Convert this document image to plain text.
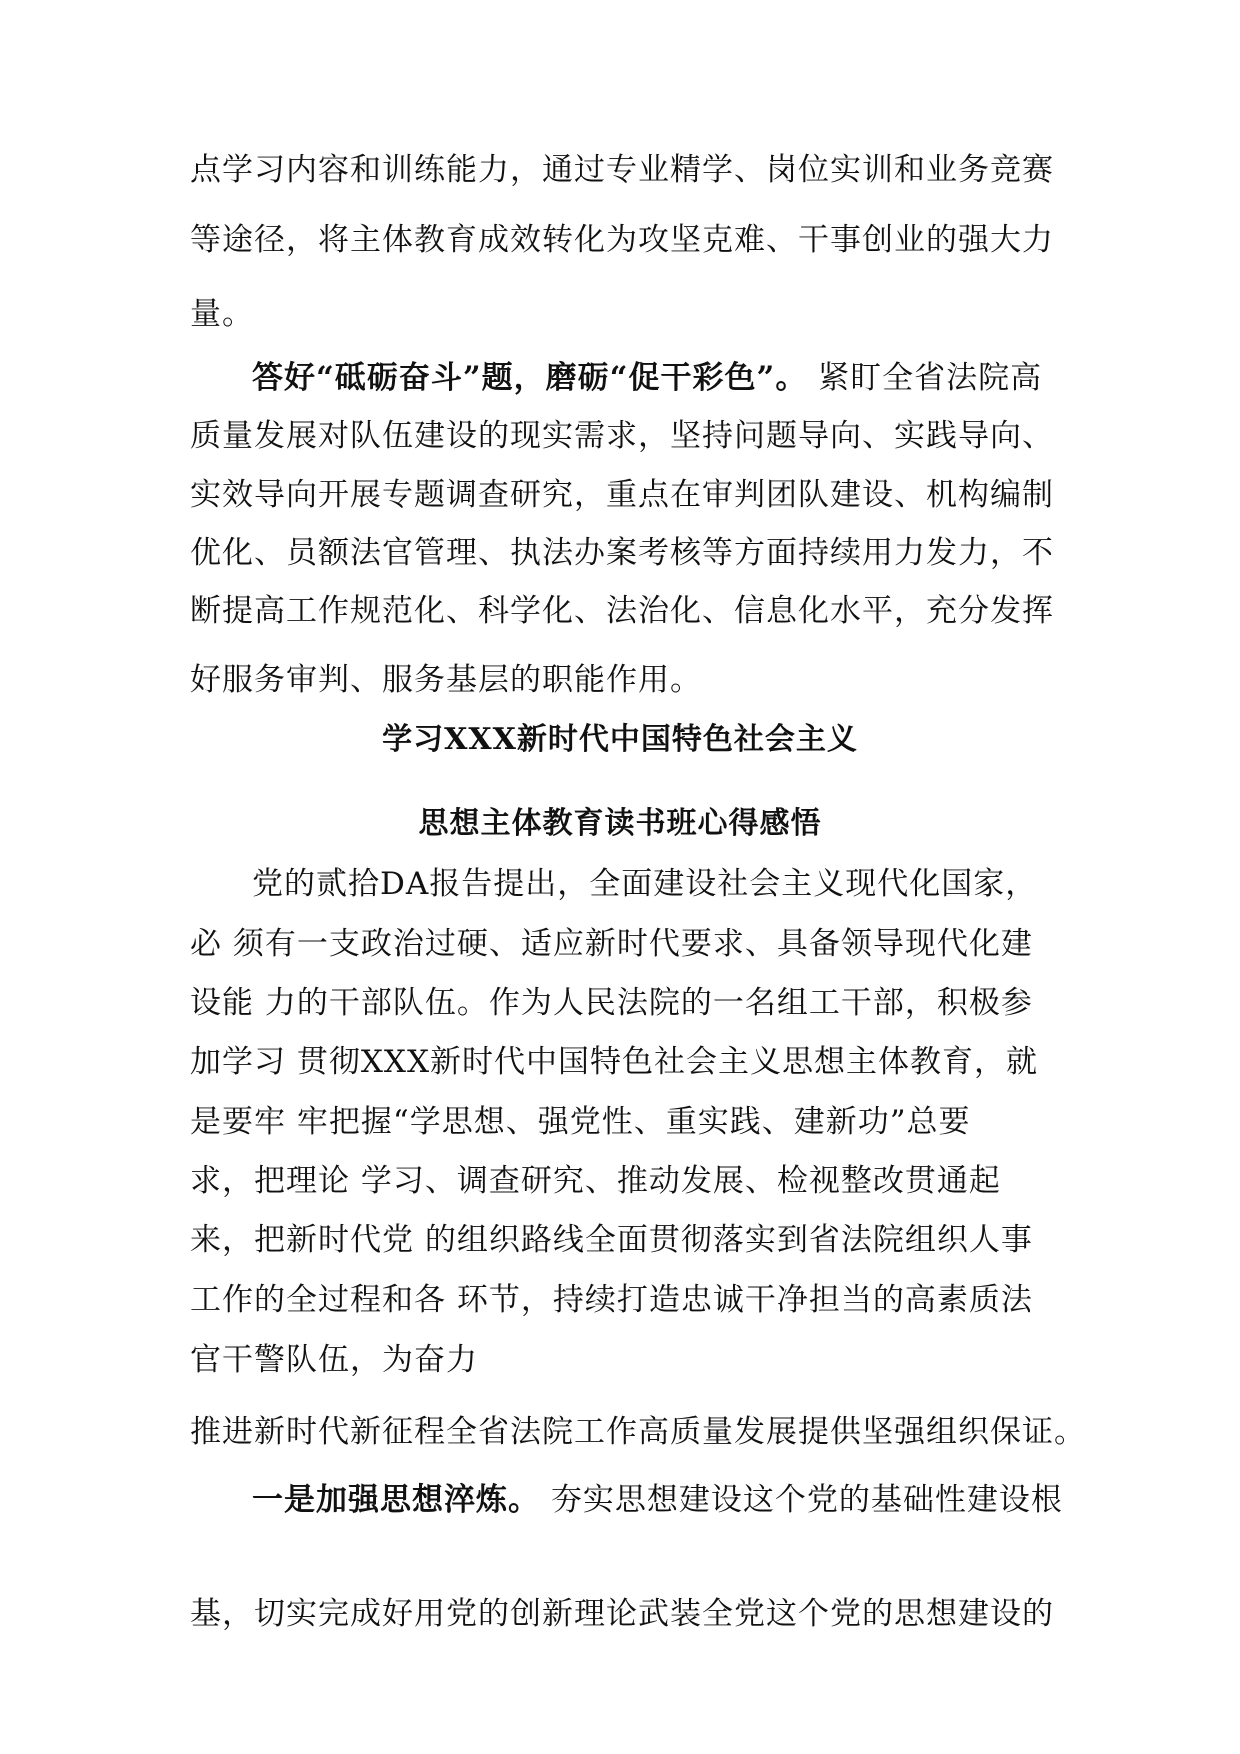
点学习内容和训练能力，通过专业精学、岗位实训和业务竞赛

等途径，将主体教育成效转化为攻坚克难、干事创业的强大力

量。

答好“砥砺奋斗”题，磨砺“促干彩色”。 紧盯全省法院高

质量发展对队伍建设的现实需求，坚持问题导向、实践导向、

实效导向开展专题调查研究，重点在审判团队建设、机构编制

优化、员额法官管理、执法办案考核等方面持续用力发力，不

断提高工作规范化、科学化、法治化、信息化水平，充分发挥

好服务审判、服务基层的职能作用。

学习XXX新时代中国特色社会主义

思想主体教育读书班心得感悟

党的贰拾DA报告提出，全面建设社会主义现代化国家，

必 须有一支政治过硬、适应新时代要求、具备领导现代化建

设能 力的干部队伍。作为人民法院的一名组工干部，积极参

加学习 贯彻XXX新时代中国特色社会主义思想主体教育，就

是要牢 牢把握“学思想、强党性、重实践、建新功”总要

求，把理论 学习、调查研究、推动发展、检视整改贯通起

来，把新时代党 的组织路线全面贯彻落实到省法院组织人事

工作的全过程和各 环节，持续打造忠诚干净担当的高素质法

官干警队伍，为奋力

推进新时代新征程全省法院工作高质量发展提供坚强组织保证。

一是加强思想淬炼。 夯实思想建设这个党的基础性建设根

基，切实完成好用党的创新理论武装全党这个党的思想建设的
